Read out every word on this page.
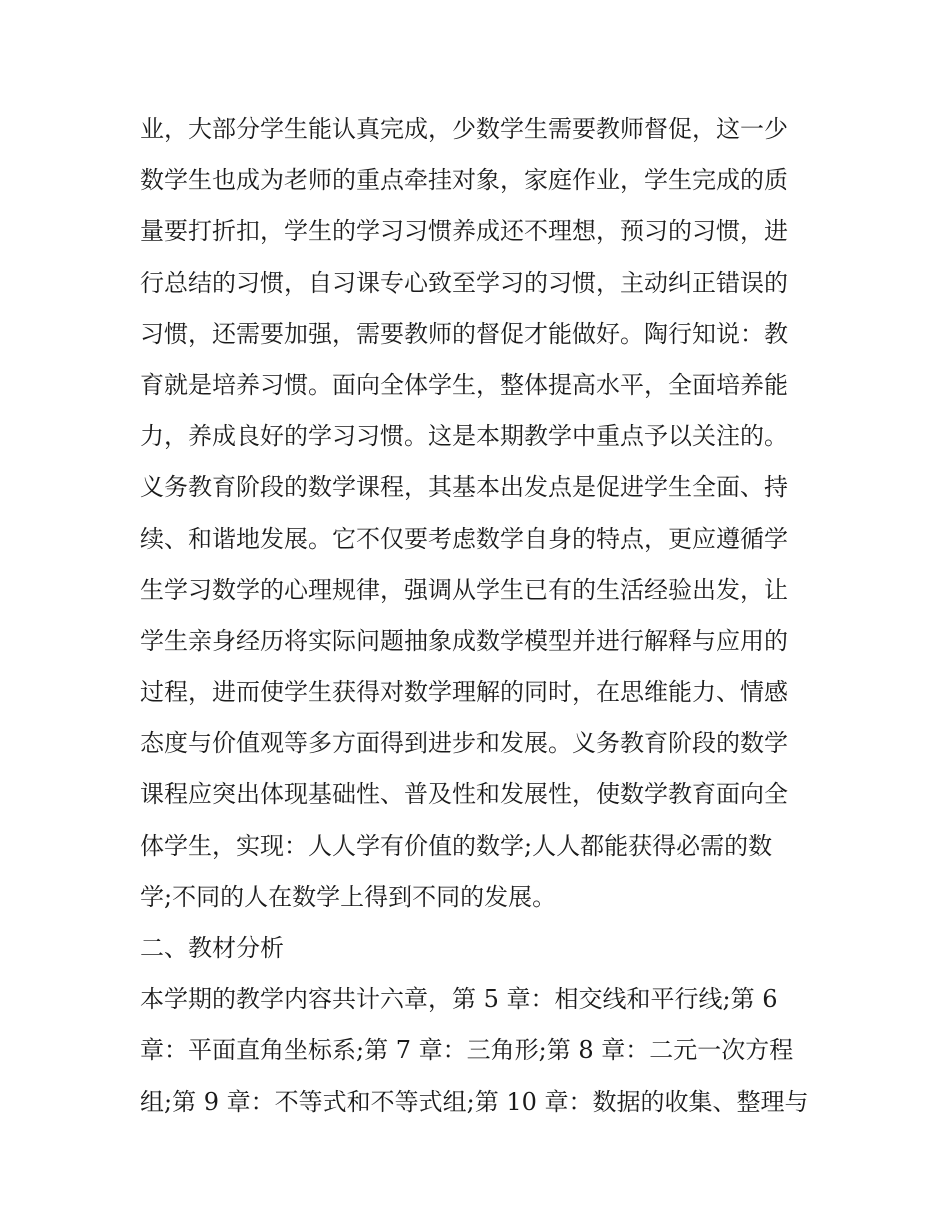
业，大部分学生能认真完成，少数学生需要教师督促，这一少
数学生也成为老师的重点牵挂对象，家庭作业，学生完成的质
量要打折扣，学生的学习习惯养成还不理想，预习的习惯，进
行总结的习惯，自习课专心致至学习的习惯，主动纠正错误的
习惯，还需要加强，需要教师的督促才能做好。陶行知说：教
育就是培养习惯。面向全体学生，整体提高水平，全面培养能
力，养成良好的学习习惯。这是本期教学中重点予以关注的。
义务教育阶段的数学课程，其基本出发点是促进学生全面、持
续、和谐地发展。它不仅要考虑数学自身的特点，更应遵循学
生学习数学的心理规律，强调从学生已有的生活经验出发，让
学生亲身经历将实际问题抽象成数学模型并进行解释与应用的
过程，进而使学生获得对数学理解的同时，在思维能力、情感
态度与价值观等多方面得到进步和发展。义务教育阶段的数学
课程应突出体现基础性、普及性和发展性，使数学教育面向全
体学生，实现：人人学有价值的数学;人人都能获得必需的数
学;不同的人在数学上得到不同的发展。
二、教材分析
本学期的教学内容共计六章，第 5 章：相交线和平行线;第 6
章：平面直角坐标系;第 7 章：三角形;第 8 章：二元一次方程
组;第 9 章：不等式和不等式组;第 10 章：数据的收集、整理与
